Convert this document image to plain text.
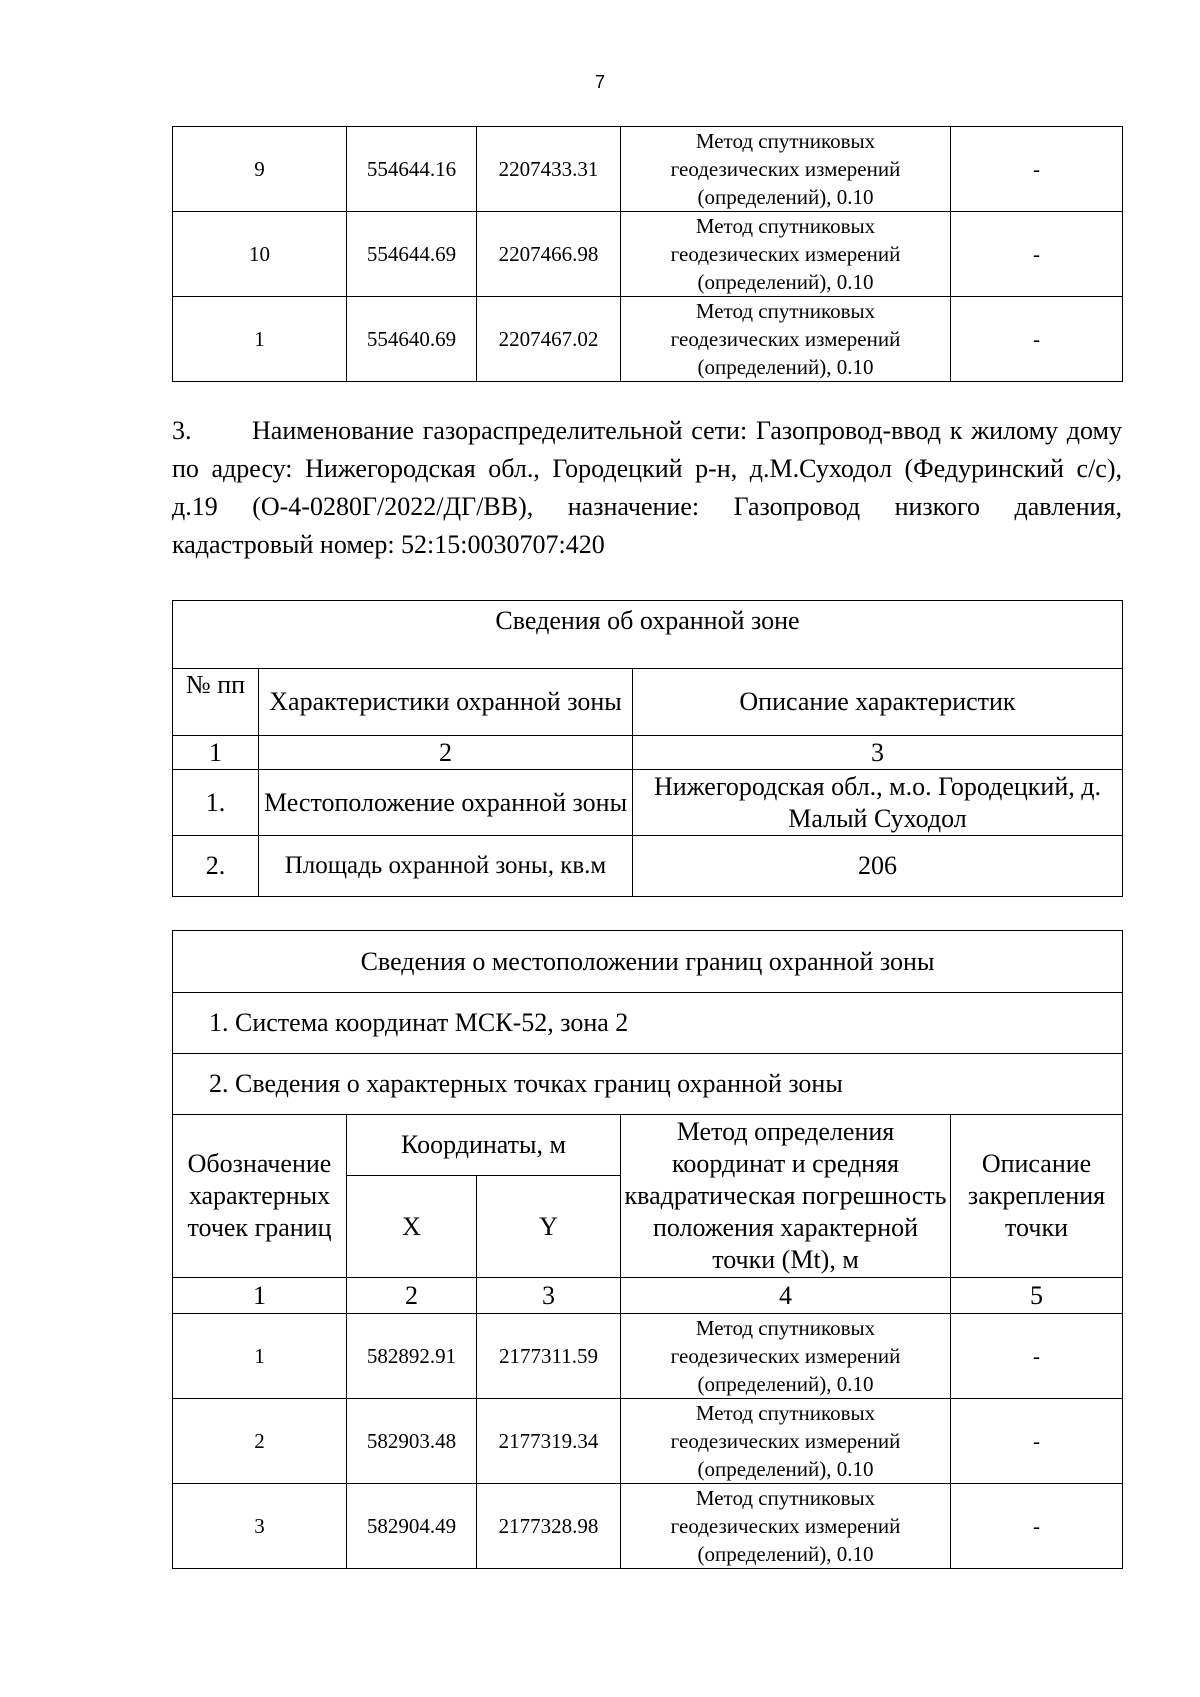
7
9	554644.16	2207433.31	Метод спутниковых
геодезических измерений
(определений), 0.10	-
10	554644.69	2207466.98	Метод спутниковых
геодезических измерений
(определений), 0.10	-
1	554640.69	2207467.02	Метод спутниковых
геодезических измерений
(определений), 0.10	-
3. Наименование газораспределительной сети: Газопровод-ввод к жилому дому по адресу: Нижегородская обл., Городецкий р-н, д.М.Суходол (Федуринский с/с), д.19 (О-4-0280Г/2022/ДГ/ВВ), назначение: Газопровод низкого давления, кадастровый номер: 52:15:0030707:420
Сведения об охранной зоне		
№ пп	Характеристики охранной зоны	Описание характеристик
1	2	3
1.	Местоположение охранной зоны	Нижегородская обл., м.о. Городецкий, д. Малый Суходол
2.	Площадь охранной зоны, кв.м	206
Сведения о местоположении границ охранной зоны				
1. Система координат МСК-52, зона 2				
2. Сведения о характерных точках границ охранной зоны				
Обозначение характерных точек границ	Координаты, м		Метод определения координат и средняя квадратическая погрешность положения характерной точки (Mt), м	Описание закрепления точки
	X	Y		
1	2	3	4	5
1	582892.91	2177311.59	Метод спутниковых
геодезических измерений
(определений), 0.10	-
2	582903.48	2177319.34	Метод спутниковых
геодезических измерений
(определений), 0.10	-
3	582904.49	2177328.98	Метод спутниковых
геодезических измерений
(определений), 0.10	-
